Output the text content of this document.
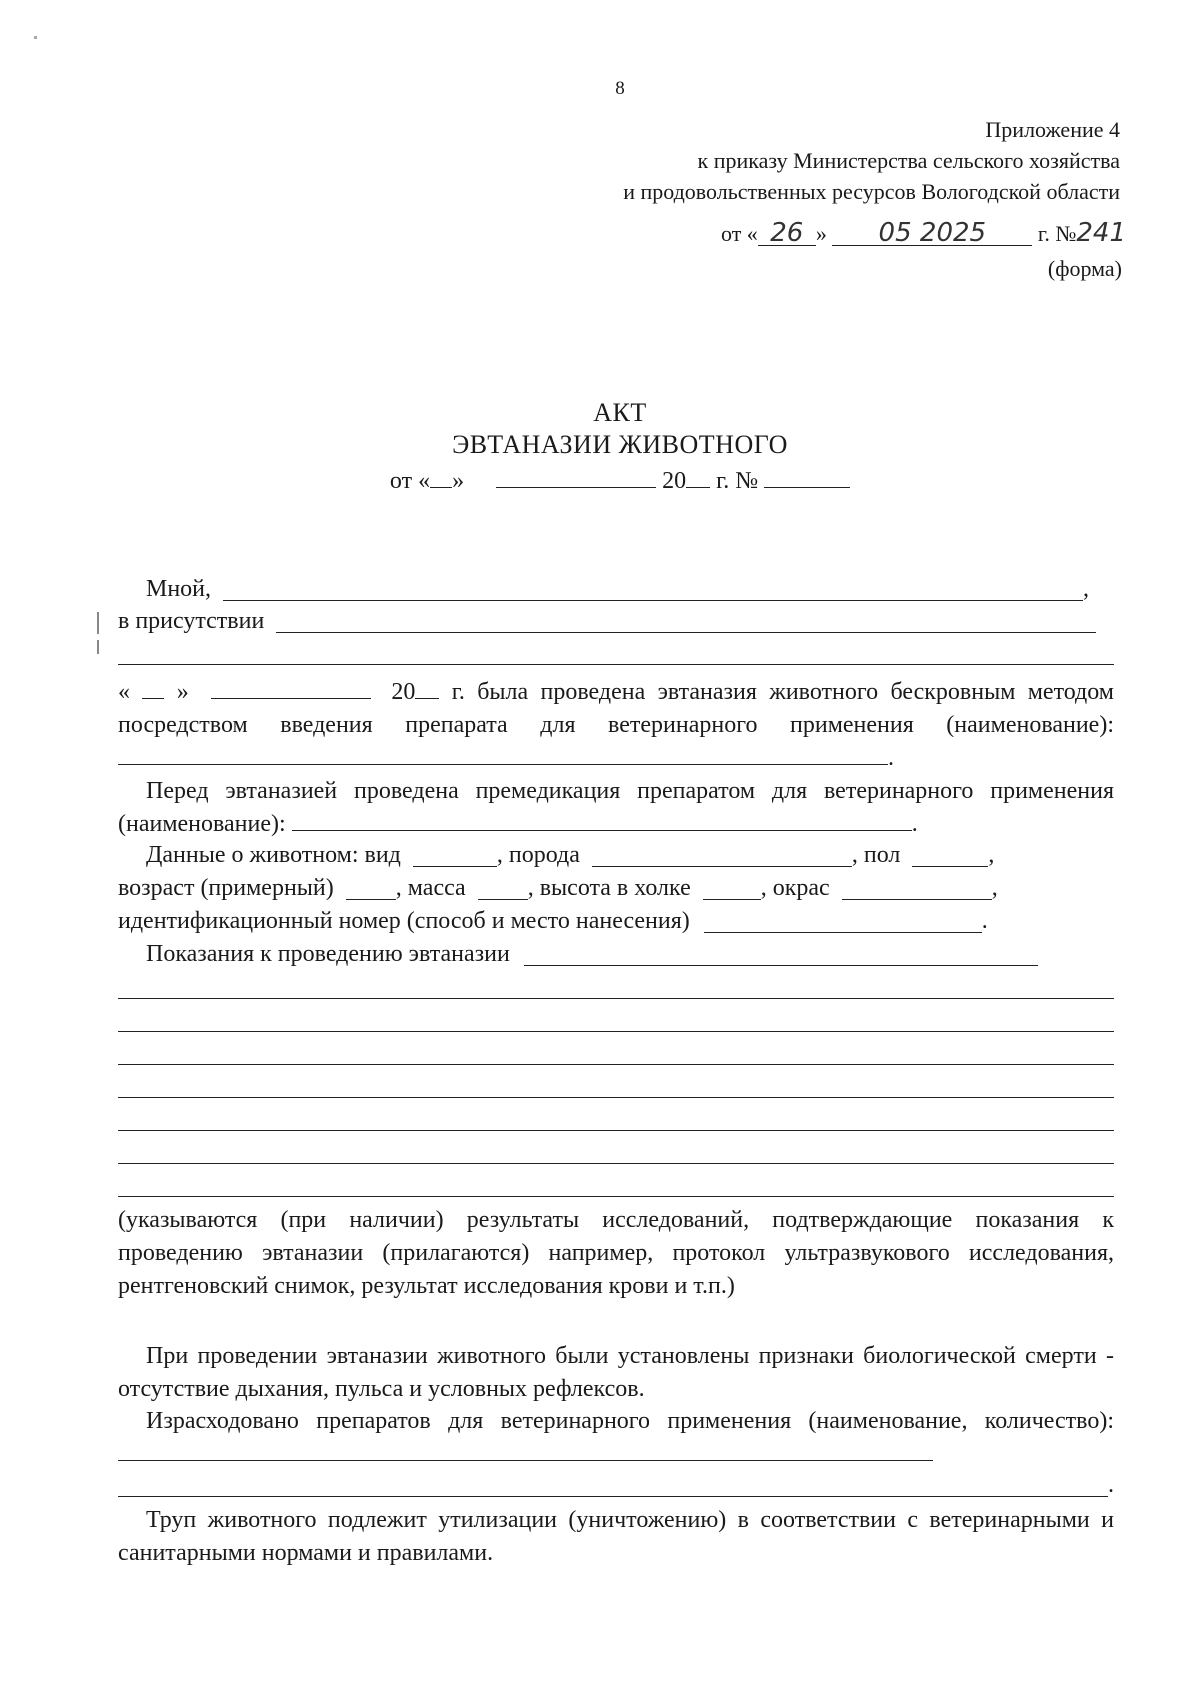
8
Приложение 4
к приказу Министерства сельского хозяйства
и продовольственных ресурсов Вологодской области
от « 26 » 05 2025 г. №241
(форма)
АКТ
ЭВТАНАЗИИ ЖИВОТНОГО
от « »	20 г. №
Мной,	,
в присутствии
« »	20 г. была проведена эвтаназия животного бескровным методом посредством введения препарата для ветеринарного применения (наименование): .
Перед эвтаназией проведена премедикация препаратом для ветеринарного применения (наименование):	.
Данные о животном: вид	, порода	, пол	,
возраст (примерный)	, масса	, высота в холке	, окрас	,
идентификационный номер (способ и место нанесения)	.
Показания к проведению эвтаназии
(указываются (при наличии) результаты исследований, подтверждающие показания к проведению эвтаназии (прилагаются) например, протокол ультразвукового исследования, рентгеновский снимок, результат исследования крови и т.п.)
При проведении эвтаназии животного были установлены признаки биологической смерти - отсутствие дыхания, пульса и условных рефлексов.
Израсходовано препаратов для ветеринарного применения (наименование, количество):
.
Труп животного подлежит утилизации (уничтожению) в соответствии с ветеринарными и санитарными нормами и правилами.
